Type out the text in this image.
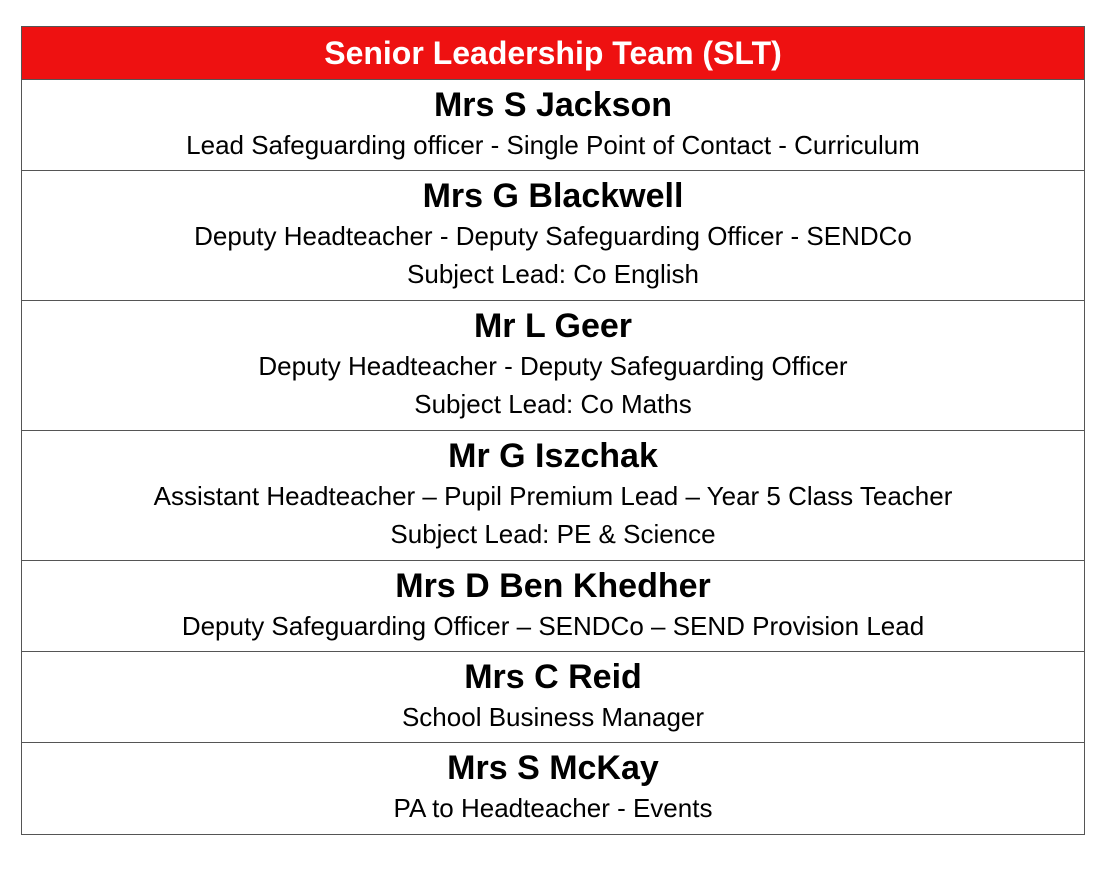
Senior Leadership Team (SLT)
Mrs S Jackson
Lead Safeguarding officer - Single Point of Contact - Curriculum
Mrs G Blackwell
Deputy Headteacher - Deputy Safeguarding Officer - SENDCo
Subject Lead: Co English
Mr L Geer
Deputy Headteacher - Deputy Safeguarding Officer
Subject Lead: Co Maths
Mr G Iszchak
Assistant Headteacher – Pupil Premium Lead – Year 5 Class Teacher
Subject Lead: PE & Science
Mrs D Ben Khedher
Deputy Safeguarding Officer – SENDCo – SEND Provision Lead
Mrs C Reid
School Business Manager
Mrs S McKay
PA to Headteacher - Events
